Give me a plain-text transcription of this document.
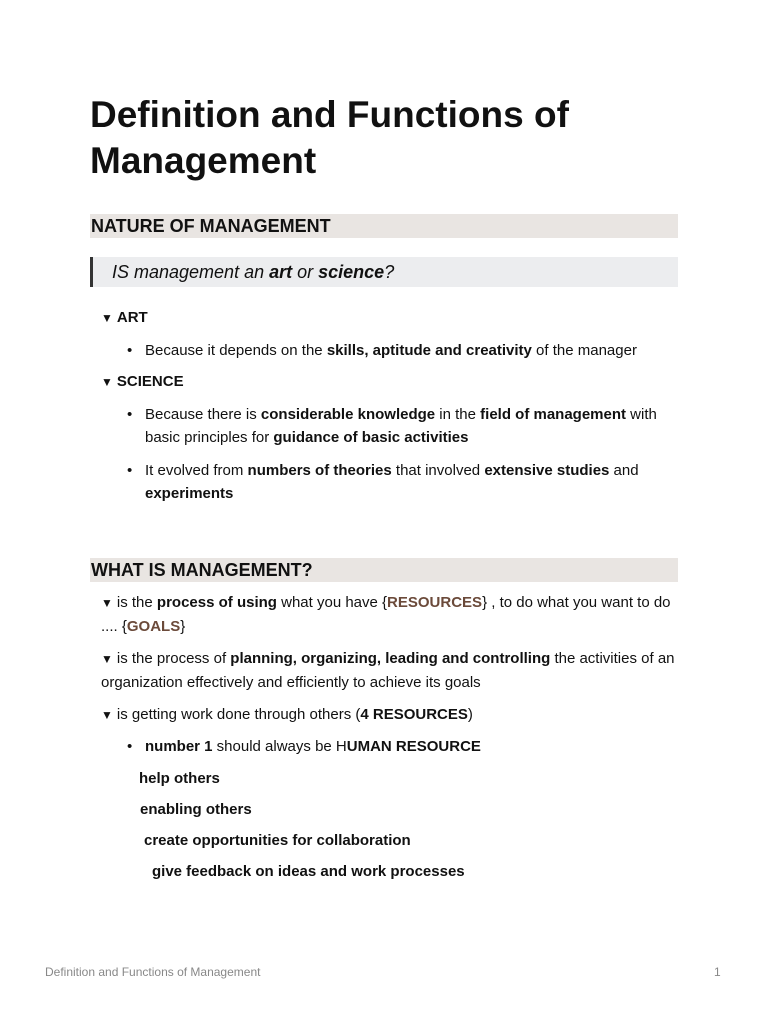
Definition and Functions of Management
NATURE OF MANAGEMENT
IS management an art or science?
▼ ART
• Because it depends on the skills, aptitude and creativity of the manager
▼ SCIENCE
• Because there is considerable knowledge in the field of management with basic principles for guidance of basic activities
• It evolved from numbers of theories that involved extensive studies and experiments
WHAT IS MANAGEMENT?
▼ is the process of using what you have {RESOURCES} , to do what you want to do .... {GOALS}
▼ is the process of planning, organizing, leading and controlling the activities of an organization effectively and efficiently to achieve its goals
▼ is getting work done through others (4 RESOURCES)
• number 1 should always be HUMAN RESOURCE
help others
enabling others
create opportunities for collaboration
give feedback on ideas and work processes
Definition and Functions of Management	1
